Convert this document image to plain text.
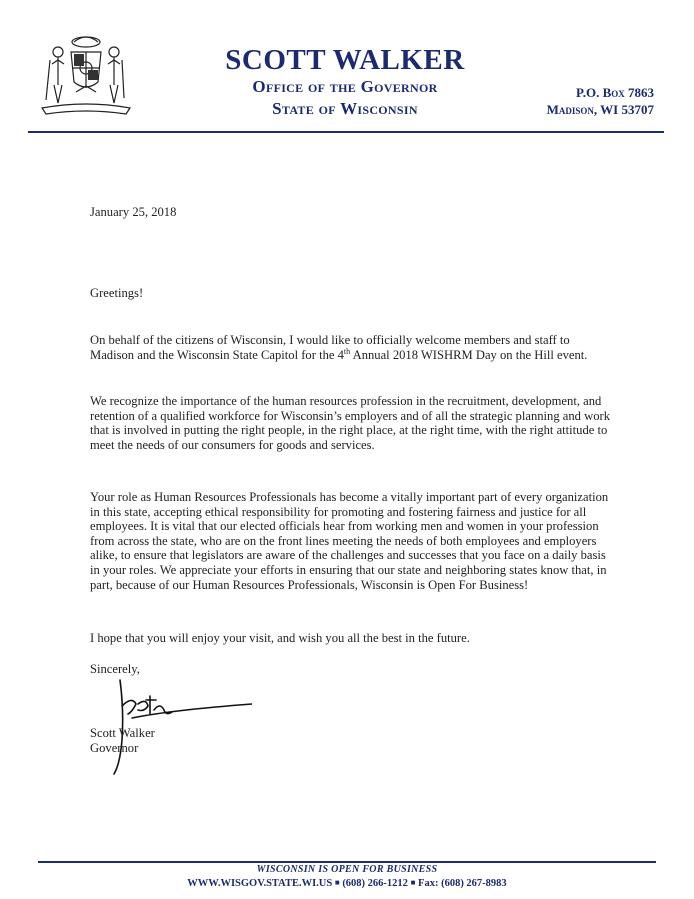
SCOTT WALKER
Office of the Governor
State of Wisconsin
P.O. Box 7863
Madison, WI 53707
January 25, 2018
Greetings!
On behalf of the citizens of Wisconsin, I would like to officially welcome members and staff to Madison and the Wisconsin State Capitol for the 4th Annual 2018 WISHRM Day on the Hill event.
We recognize the importance of the human resources profession in the recruitment, development, and retention of a qualified workforce for Wisconsin’s employers and of all the strategic planning and work that is involved in putting the right people, in the right place, at the right time, with the right attitude to meet the needs of our consumers for goods and services.
Your role as Human Resources Professionals has become a vitally important part of every organization in this state, accepting ethical responsibility for promoting and fostering fairness and justice for all employees. It is vital that our elected officials hear from working men and women in your profession from across the state, who are on the front lines meeting the needs of both employees and employers alike, to ensure that legislators are aware of the challenges and successes that you face on a daily basis in your roles. We appreciate your efforts in ensuring that our state and neighboring states know that, in part, because of our Human Resources Professionals, Wisconsin is Open For Business!
I hope that you will enjoy your visit, and wish you all the best in the future.
Sincerely,
Scott Walker
Governor
WISCONSIN IS OPEN FOR BUSINESS
WWW.WISGOV.STATE.WI.US ■ (608) 266-1212 ■ Fax: (608) 267-8983
